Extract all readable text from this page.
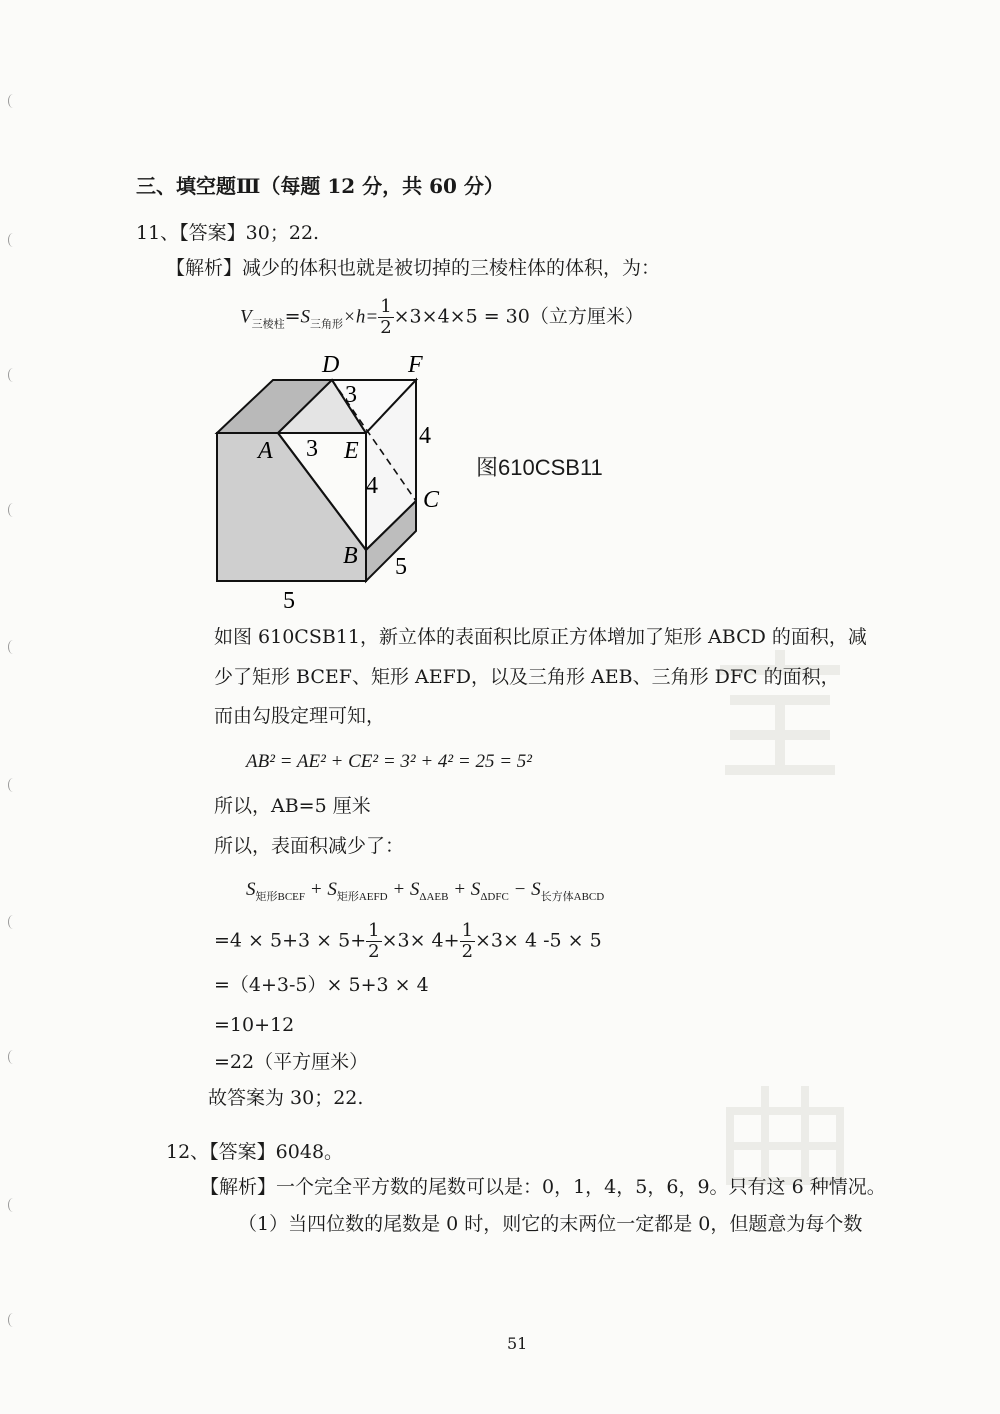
三、填空题Ⅲ（每题 12 分，共 60 分）
11、【答案】30；22.
【解析】减少的体积也就是被切掉的三棱柱体的体积，为：
$V_{三棱柱}=S_{三角形}\times h= \frac{1}{2} \times 3\times 4\times 5 = 30$（立方厘米）
D	F
A	E
C
B
3
3	4
4
5
5
图610CSB11
如图 610CSB11，新立体的表面积比原正方体增加了矩形 ABCD 的面积，减
少了矩形 BCEF、矩形 AEFD，以及三角形 AEB、三角形 DFC 的面积，
而由勾股定理可知，
AB² = AE² + CE² = 3² + 4² = 25 = 5²
所以，AB=5 厘米
所以，表面积减少了：
$S_{矩形BCEF} + S_{矩形AEFD} + S_{\Delta AEB} + S_{\Delta DFC} - S_{长方体ABCD}$
$=4 \times 5+3 \times 5+ \frac{1}{2} \times 3\times 4+ \frac{1}{2} \times 3\times 4$ -5 × 5
=（4+3-5）× 5+3 × 4
=10+12
=22（平方厘米）
故答案为 30；22.
12、【答案】6048。
【解析】一个完全平方数的尾数可以是：0，1，4，5，6，9。只有这 6 种情况。
（1）当四位数的尾数是 0 时，则它的末两位一定都是 0，但题意为每个数
51
